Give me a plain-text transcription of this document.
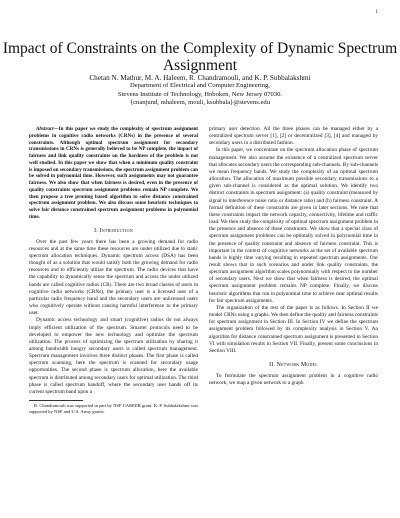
1
Impact of Constraints on the Complexity of Dynamic Spectrum Assignment
Chetan N. Mathur, M. A. Haleem, R. Chandramouli, and K. P. Subbalakshmi
Department of Electrical and Computer Engineering,
Stevens Institute of Technology, Hoboken, New Jersey 07030.
{cnanjund, mhaleem, mouli, ksubbala}@stevens.edu

Abstract—In this paper we study the complexity of spectrum assignment problems in cognitive radio networks (CRNs) in the presence of several constraints. Although optimal spectrum assignment for secondary transmissions in CRNs is generally believed to be NP complete, the impact of fairness and link quality constraints on the hardness of the problem is not well studied. In this paper we show that when a minimum quality constraint is imposed on secondary transmissions, the spectrum assignment problem can be solved in polynomial time. However, such assignments may not guarantee fairness. We also show that when fairness is desired, even in the presence of quality constraints spectrum assignment problems remain NP complete. We then propose a tree pruning based algorithm to solve distance constrained spectrum assignment problem. We also discuss some heuristic techniques to solve fair distance constrained spectrum assignment problems in polynomial time.

I. Introduction

Over the past few years there has been a growing demand for radio resources and at the same time these resources are under utilized due to static spectrum allocation techniques. Dynamic spectrum access (DSA) has been thought of as a solution that would satisfy both the growing demand for radio resources and to efficiently utilize the spectrum. The radio devices that have the capability to dynamically sense the spectrum and access the under utilized bands are called cognitive radios (CR). There are two broad classes of users in cognitive radio networks (CRNs), the primary user is a licensed user of a particular radio frequency band and the secondary users are unlicensed users who cognitively operate without causing harmful interference to the primary user.

Dynamic access technology and smart (cognitive) radios do not always imply efficient utilization of the spectrum. Smarter protocols need to be developed to empower the new technology and optimize the spectrum utilization. The process of optimizing the spectrum utilization by sharing it among bandwidth hungry secondary users is called spectrum management. Spectrum management involves three distinct phases. The first phase is called spectrum scanning, here the spectrum is scanned for secondary usage opportunities. The second phase is spectrum allocation, here the available spectrum is distributed among secondary users for optimal utilization. The third phase is called spectrum handoff, where the secondary user hands off its current spectrum band upon a

R. Chandramouli was supported in part by NSF CAREER grant. K. P. Subbalakshmi was supported by NSF and U.S. Army grants.

primary user detection. All the three phases can be managed either by a centralized spectrum server [1], [2] or decentralized [3], [4] and managed by secondary users in a distributed fashion.

In this paper, we concentrate on the spectrum allocation phase of spectrum management. We also assume the existence of a centralized spectrum server that allocates secondary users the corresponding sub-channels. By sub-channels we mean frequency bands. We study the complexity of an optimal spectrum allocation. The allocation of maximum possible secondary transmissions to a given sub-channel is considered as the optimal solution. We identify two distinct constraints in spectrum assignment: (a) quality constraint (measured by signal to interference noise ratio or distance ratio) and (b) fairness constraint. A formal definition of these constraints are given in later sections. We note that these constraints impact the network capacity, connectivity, lifetime and traffic load. We then study the complexity of optimal spectrum assignment problem in the presence and absence of these constraints. We show that a special class of spectrum assignment problems can be optimally solved in polynomial time in the presence of quality constraint and absence of fairness constraint. This is important in the context of cognitive networks as the set of available spectrum bands is highly time varying resulting in repeated spectrum assignments. Our result shows that in such scenarios and under link quality constraints, the spectrum assignment algorithm scales polynomially with respect to the number of secondary users. Next we show that when fairness is desired, the optimal spectrum assignment problem remains NP complete. Finally, we discuss heuristic algorithms that run in polynomial time to achieve near optimal results for fair spectrum assignments.

The organization of the rest of the paper is as follows. In Section II we model CRNs using a graphs. We then define the quality and fairness constraints for spectrum assignment in Section III. In Section IV we define the spectrum assignment problem followed by its complexity analysis in Section V. An algorithm for distance constrained spectrum assignment is presented in Section VI with simulation results in Section VII. Finally, present some conclusions in Section VIII.

II. Network Model

To formulate the spectrum assignment problem in a cognitive radio network, we map a given network to a graph
